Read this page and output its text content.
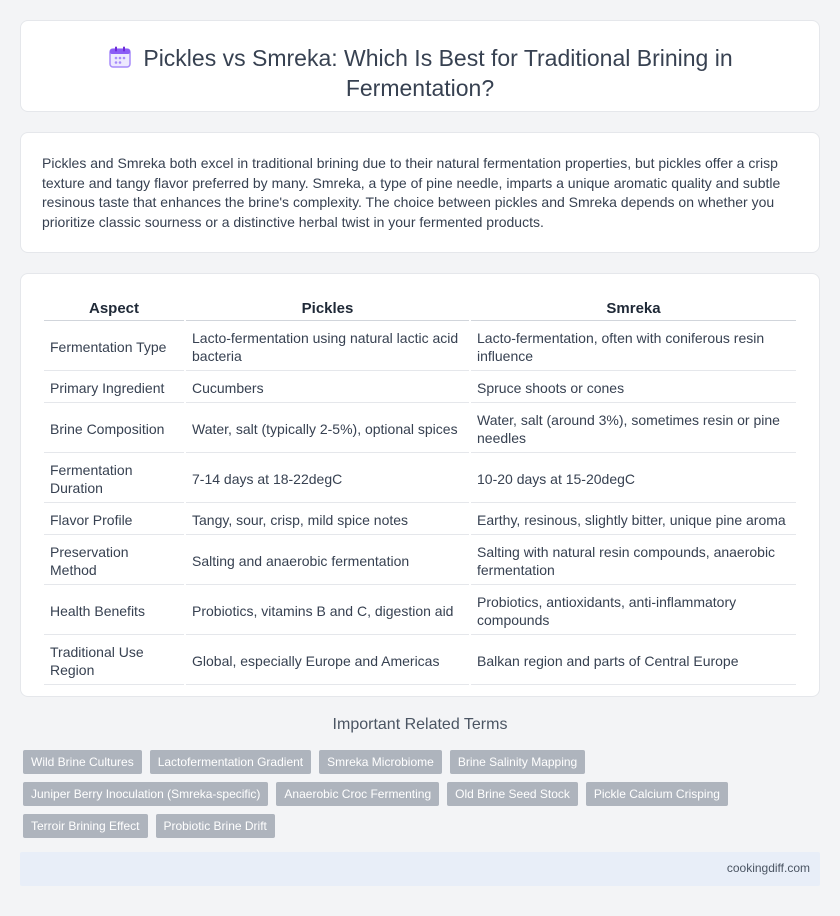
Pickles vs Smreka: Which Is Best for Traditional Brining in Fermentation?

Pickles and Smreka both excel in traditional brining due to their natural fermentation properties, but pickles offer a crisp texture and tangy flavor preferred by many. Smreka, a type of pine needle, imparts a unique aromatic quality and subtle resinous taste that enhances the brine's complexity. The choice between pickles and Smreka depends on whether you prioritize classic sourness or a distinctive herbal twist in your fermented products.

Aspect	Pickles	Smreka
Fermentation Type	Lacto-fermentation using natural lactic acid bacteria	Lacto-fermentation, often with coniferous resin influence
Primary Ingredient	Cucumbers	Spruce shoots or cones
Brine Composition	Water, salt (typically 2-5%), optional spices	Water, salt (around 3%), sometimes resin or pine needles
Fermentation Duration	7-14 days at 18-22degC	10-20 days at 15-20degC
Flavor Profile	Tangy, sour, crisp, mild spice notes	Earthy, resinous, slightly bitter, unique pine aroma
Preservation Method	Salting and anaerobic fermentation	Salting with natural resin compounds, anaerobic fermentation
Health Benefits	Probiotics, vitamins B and C, digestion aid	Probiotics, antioxidants, anti-inflammatory compounds
Traditional Use Region	Global, especially Europe and Americas	Balkan region and parts of Central Europe
Important Related Terms
Wild Brine Cultures	Lactofermentation Gradient	Smreka Microbiome	Brine Salinity Mapping
Juniper Berry Inoculation (Smreka-specific)	Anaerobic Croc Fermenting	Old Brine Seed Stock	Pickle Calcium Crisping
Terroir Brining Effect	Probiotic Brine Drift
cookingdiff.com
